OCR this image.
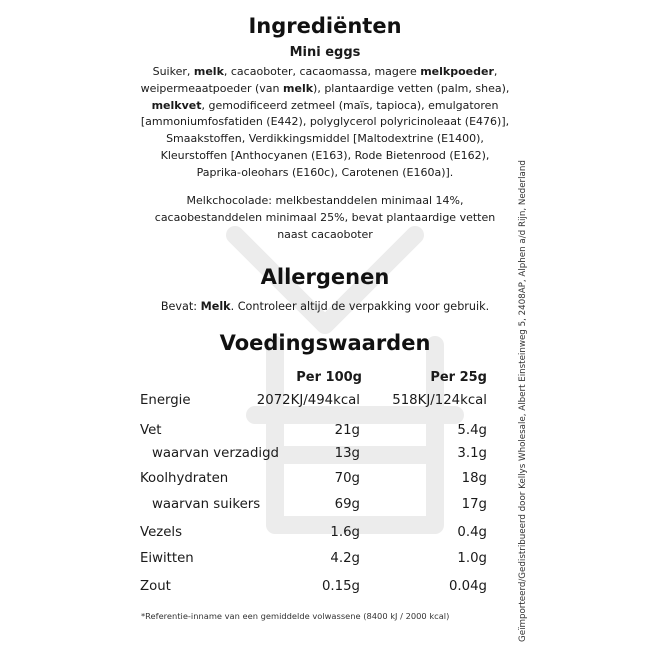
Ingrediënten
Mini eggs
Suiker, melk, cacaoboter, cacaomassa, magere melkpoeder,
weipermeaatpoeder (van melk), plantaardige vetten (palm, shea),
melkvet, gemodificeerd zetmeel (maïs, tapioca), emulgatoren
[ammoniumfosfatiden (E442), polyglycerol polyricinoleaat (E476)],
Smaakstoffen, Verdikkingsmiddel [Maltodextrine (E1400),
Kleurstoffen [Anthocyanen (E163), Rode Bietenrood (E162),
Paprika-oleohars (E160c), Carotenen (E160a)].
Melkchocolade: melkbestanddelen minimaal 14%,
cacaobestanddelen minimaal 25%, bevat plantaardige vetten
naast cacaoboter
Allergenen
Bevat: Melk. Controleer altijd de verpakking voor gebruik.
Voedingswaarden
Per 100g	Per 25g
Energie	2072KJ/494kcal 518KJ/124kcal
Vet	21g	5.4g
waarvan verzadigd	13g	3.1g
Koolhydraten	70g	18g
waarvan suikers	69g	17g
Vezels	1.6g	0.4g
Eiwitten	4.2g	1.0g
Zout	0.15g	0.04g
*Referentie-inname van een gemiddelde volwassene (8400 kJ / 2000 kcal)	Geïmporteerd/Gedistribueerd door Kellys Wholesale, Albert Einsteinweg 5, 2408AP, Alphen a/d Rijn, Nederland
